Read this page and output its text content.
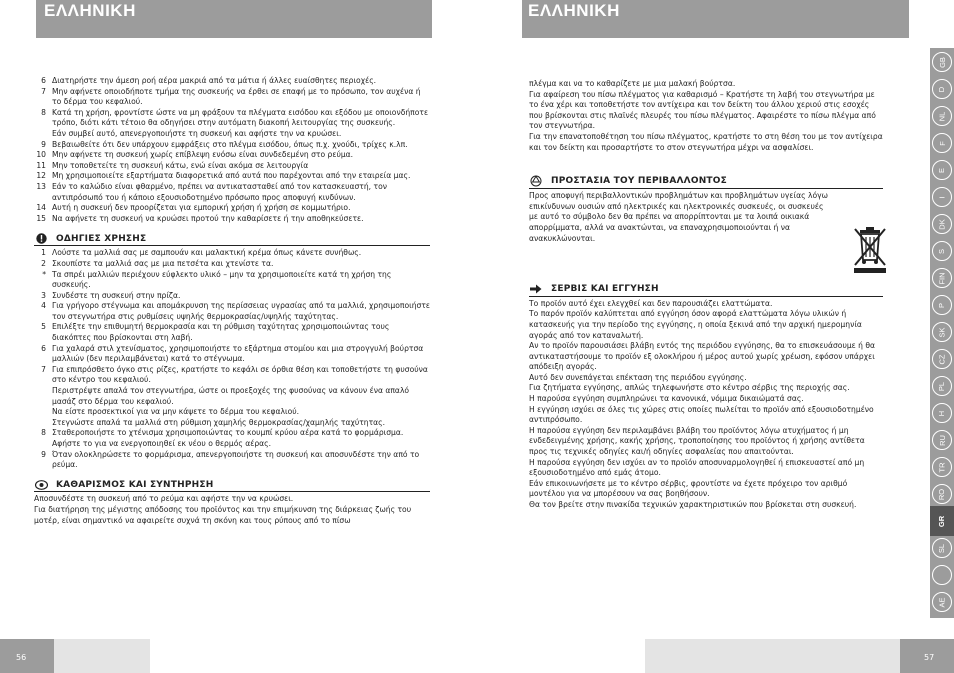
ΕΛΛΗΝΙΚΗ
6 Διατηρήστε την άμεση ροή αέρα μακριά από τα μάτια ή άλλες ευαίσθητες περιοχές.
7 Μην αφήνετε οποιοδήποτε τμήμα της συσκευής να έρθει σε επαφή με το πρόσωπο, τον αυχένα ή το δέρμα του κεφαλιού.
8 Κατά τη χρήση, φροντίστε ώστε να μη φράξουν τα πλέγματα εισόδου και εξόδου με οποιονδήποτε τρόπο, διότι κάτι τέτοιο θα οδηγήσει στην αυτόματη διακοπή λειτουργίας της συσκευής.
Εάν συμβεί αυτό, απενεργοποιήστε τη συσκευή και αφήστε την να κρυώσει.
9 Βεβαιωθείτε ότι δεν υπάρχουν εμφράξεις στο πλέγμα εισόδου, όπως π.χ. χνούδι, τρίχες κ.λπ.
10 Μην αφήνετε τη συσκευή χωρίς επίβλεψη ενόσω είναι συνδεδεμένη στο ρεύμα.
11 Μην τοποθετείτε τη συσκευή κάτω, ενώ είναι ακόμα σε λειτουργία
12 Μη χρησιμοποιείτε εξαρτήματα διαφορετικά από αυτά που παρέχονται από την εταιρεία μας.
13 Εάν το καλώδιο είναι φθαρμένο, πρέπει να αντικατασταθεί από τον κατασκευαστή, τον αντιπρόσωπό του ή κάποιο εξουσιοδοτημένο πρόσωπο προς αποφυγή κινδύνων.
14 Αυτή η συσκευή δεν προορίζεται για εμπορική χρήση ή χρήση σε κομμωτήριο.
15 Να αφήνετε τη συσκευή να κρυώσει προτού την καθαρίσετε ή την αποθηκεύσετε.
ΟΔΗΓΙΕΣ ΧΡΗΣΗΣ
1 Λούστε τα μαλλιά σας με σαμπουάν και μαλακτική κρέμα όπως κάνετε συνήθως.
2 Σκουπίστε τα μαλλιά σας με μια πετσέτα και χτενίστε τα.
* Τα σπρέι μαλλιών περιέχουν εύφλεκτο υλικό – μην τα χρησιμοποιείτε κατά τη χρήση της συσκευής.
3 Συνδέστε τη συσκευή στην πρίζα.
4 Για γρήγορο στέγνωμα και απομάκρυνση της περίσσειας υγρασίας από τα μαλλιά, χρησιμοποιήστε τον στεγνωτήρα στις ρυθμίσεις υψηλής θερμοκρασίας/υψηλής ταχύτητας.
5 Επιλέξτε την επιθυμητή θερμοκρασία και τη ρύθμιση ταχύτητας χρησιμοποιώντας τους διακόπτες που βρίσκονται στη λαβή.
6 Για χαλαρά στιλ χτενίσματος, χρησιμοποιήστε το εξάρτημα στομίου και μια στρογγυλή βούρτσα μαλλιών (δεν περιλαμβάνεται) κατά το στέγνωμα.
7 Για επιπρόσθετο όγκο στις ρίζες, κρατήστε το κεφάλι σε όρθια θέση και τοποθετήστε τη φυσούνα στο κέντρο του κεφαλιού.
Περιστρέψτε απαλά τον στεγνωτήρα, ώστε οι προεξοχές της φυσούνας να κάνουν ένα απαλό μασάζ στο δέρμα του κεφαλιού.
Να είστε προσεκτικοί για να μην κάψετε το δέρμα του κεφαλιού.
Στεγνώστε απαλά τα μαλλιά στη ρύθμιση χαμηλής θερμοκρασίας/χαμηλής ταχύτητας.
8 Σταθεροποιήστε το χτένισμα χρησιμοποιώντας το κουμπί κρύου αέρα κατά το φορμάρισμα. Αφήστε το για να ενεργοποιηθεί εκ νέου ο θερμός αέρας.
9 Όταν ολοκληρώσετε το φορμάρισμα, απενεργοποιήστε τη συσκευή και αποσυνδέστε την από το ρεύμα.
ΚΑΘΑΡΙΣΜΟΣ ΚΑΙ ΣΥΝΤΗΡΗΣΗ
Αποσυνδέστε τη συσκευή από το ρεύμα και αφήστε την να κρυώσει.
Για διατήρηση της μέγιστης απόδοσης του προϊόντος και την επιμήκυνση της διάρκειας ζωής του μοτέρ, είναι σημαντικό να αφαιρείτε συχνά τη σκόνη και τους ρύπους από το πίσω
56
ΕΛΛΗΝΙΚΗ
πλέγμα και να το καθαρίζετε με μια μαλακή βούρτσα.
Για αφαίρεση του πίσω πλέγματος για καθαρισμό – Κρατήστε τη λαβή του στεγνωτήρα με το ένα χέρι και τοποθετήστε τον αντίχειρα και τον δείκτη του άλλου χεριού στις εσοχές που βρίσκονται στις πλαϊνές πλευρές του πίσω πλέγματος. Αφαιρέστε το πίσω πλέγμα από τον στεγνωτήρα.
Για την επανατοποθέτηση του πίσω πλέγματος, κρατήστε το στη θέση του με τον αντίχειρα και τον δείκτη και προσαρτήστε το στον στεγνωτήρα μέχρι να ασφαλίσει.
ΠΡΟΣΤΑΣΙΑ ΤΟΥ ΠΕΡΙΒΑΛΛΟΝΤΟΣ
Προς αποφυγή περιβαλλοντικών προβλημάτων και προβλημάτων υγείας λόγω επικίνδυνων ουσιών από ηλεκτρικές και ηλεκτρονικές συσκευές, οι συσκευές με αυτό το σύμβολο δεν θα πρέπει να απορρίπτονται με τα λοιπά οικιακά απορρίμματα, αλλά να ανακτώνται, να επαναχρησιμοποιούνται ή να ανακυκλώνονται.
ΣΕΡΒΙΣ ΚΑΙ ΕΓΓΥΗΣΗ
Το προϊόν αυτό έχει ελεγχθεί και δεν παρουσιάζει ελαττώματα.
Το παρόν προϊόν καλύπτεται από εγγύηση όσον αφορά ελαττώματα λόγω υλικών ή κατασκευής για την περίοδο της εγγύησης, η οποία ξεκινά από την αρχική ημερομηνία αγοράς από τον καταναλωτή.
Αν το προϊόν παρουσιάσει βλάβη εντός της περιόδου εγγύησης, θα το επισκευάσουμε ή θα αντικαταστήσουμε το προϊόν εξ ολοκλήρου ή μέρος αυτού χωρίς χρέωση, εφόσον υπάρχει απόδειξη αγοράς.
Αυτό δεν συνεπάγεται επέκταση της περιόδου εγγύησης.
Για ζητήματα εγγύησης, απλώς τηλεφωνήστε στο κέντρο σέρβις της περιοχής σας.
Η παρούσα εγγύηση συμπληρώνει τα κανονικά, νόμιμα δικαιώματά σας.
Η εγγύηση ισχύει σε όλες τις χώρες στις οποίες πωλείται το προϊόν από εξουσιοδοτημένο αντιπρόσωπο.
Η παρούσα εγγύηση δεν περιλαμβάνει βλάβη του προϊόντος λόγω ατυχήματος ή μη ενδεδειγμένης χρήσης, κακής χρήσης, τροποποίησης του προϊόντος ή χρήσης αντίθετα προς τις τεχνικές οδηγίες και/ή οδηγίες ασφαλείας που απαιτούνται.
Η παρούσα εγγύηση δεν ισχύει αν το προϊόν αποσυναρμολογηθεί ή επισκευαστεί από μη εξουσιοδοτημένο από εμάς άτομο.
Εάν επικοινωνήσετε με το κέντρο σέρβις, φροντίστε να έχετε πρόχειρο τον αριθμό μοντέλου για να μπορέσουν να σας βοηθήσουν.
Θα τον βρείτε στην πινακίδα τεχνικών χαρακτηριστικών που βρίσκεται στη συσκευή.
57
GB
D
NL
F
E
I
DK
S
FIN
P
SK
CZ
PL
H
RU
TR
RO
GR
SL
AE
